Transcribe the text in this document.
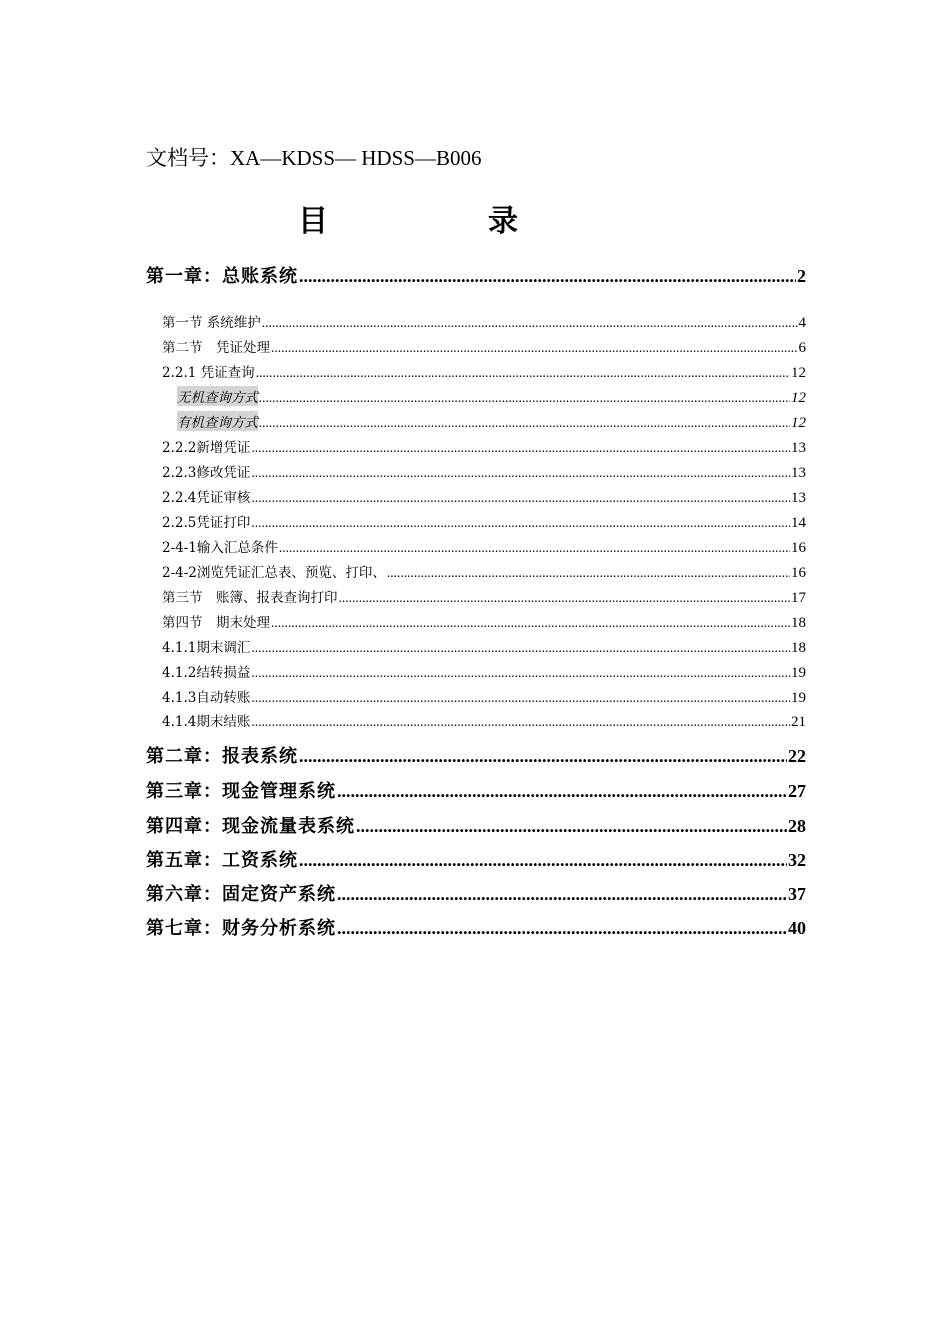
文档号：XA—KDSS— HDSS—B006
目	录
第一章：总账系统 .....	2
第一节 系统维护 .....	4
第二节　凭证处理 .....	6
2.2.1 凭证查询 .....	12
无机查询方式 .....	12
有机查询方式 .....	12
2.2.2新增凭证 .....	13
2.2.3修改凭证 .....	13
2.2.4凭证审核 .....	13
2.2.5凭证打印 .....	14
2-4-1输入汇总条件 .....	16
2-4-2浏览凭证汇总表、预览、打印、 .....	16
第三节　账簿、报表查询打印 .....	17
第四节　期末处理 .....	18
4.1.1期末调汇 .....	18
4.1.2结转损益 .....	19
4.1.3自动转账 .....	19
4.1.4期末结账 .....	21
第二章：报表系统 .....	22
第三章：现金管理系统 .....	27
第四章：现金流量表系统 .....	28
第五章：工资系统 .....	32
第六章：固定资产系统 .....	37
第七章：财务分析系统 .....	40
